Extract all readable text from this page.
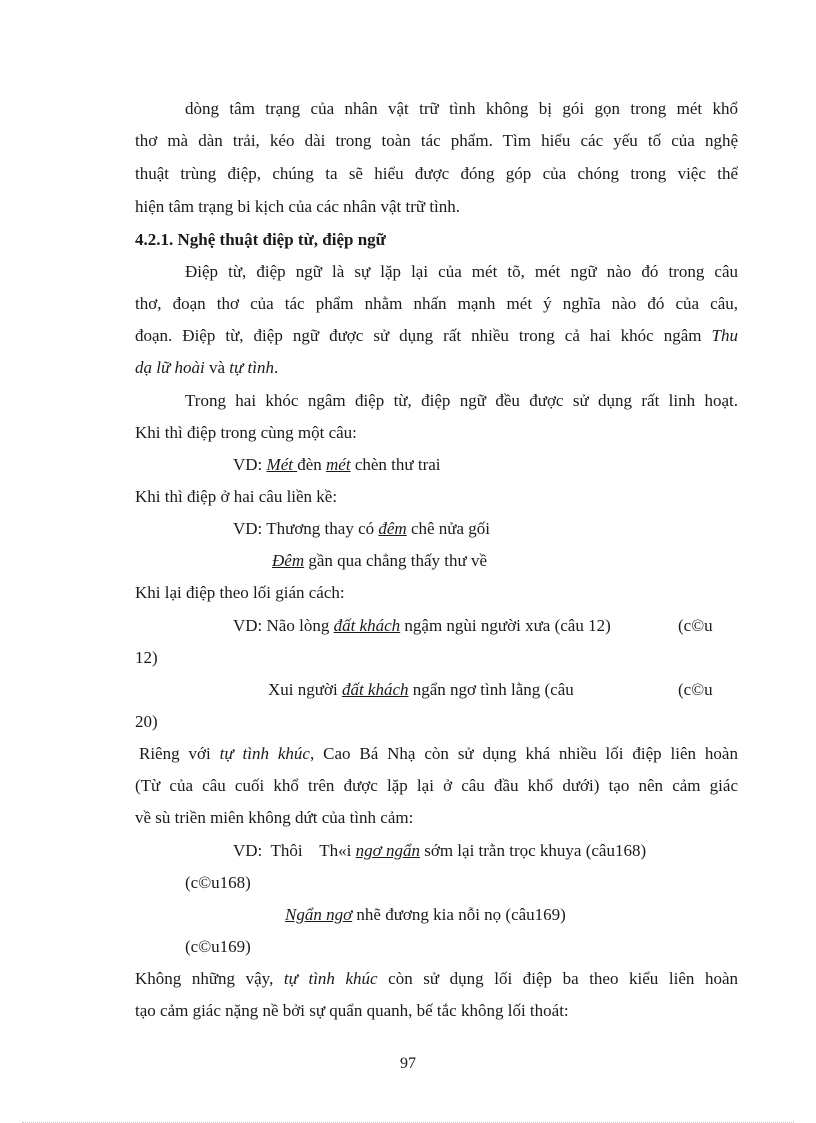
dòng tâm trạng của nhân vật trữ tình không bị gói gọn trong mét khổ
thơ mà dàn trải, kéo dài trong toàn tác phẩm. Tìm hiểu các yếu tố của nghệ
thuật trùng điệp, chúng ta sẽ hiểu được đóng góp của chóng trong việc thể
hiện tâm trạng bi kịch của các nhân vật trữ tình.
4.2.1. Nghệ thuật điệp từ, điệp ngữ
Điệp từ, điệp ngữ là sự lặp lại của mét tõ, mét ngữ nào đó trong câu
thơ, đoạn thơ của tác phẩm nhằm nhấn mạnh mét ý nghĩa nào đó của câu,
đoạn. Điệp từ, điệp ngữ được sử dụng rất nhiều trong cả hai khóc ngâm Thu
dạ lữ hoài và tự tình.
Trong hai khóc ngâm điệp từ, điệp ngữ đều được sử dụng rất linh hoạt.
Khi thì điệp trong cùng một câu:
VD: Mét đèn mét chèn thư trai
Khi thì điệp ở hai câu liền kề:
VD: Thương thay có đêm chê nửa gối
Đêm gần qua chẳng thấy thư về
Khi lại điệp theo lối gián cách:
VD: Não lòng đất khách ngậm ngùi người xưa (câu 12)	(c©u
12)
Xui người đất khách ngẩn ngơ tình lằng (câu	(c©u
20)
Riêng với tự tình khúc, Cao Bá Nhạ còn sử dụng khá nhiều lối điệp liên hoàn
(Từ của câu cuối khổ trên được lặp lại ở câu đầu khổ dưới) tạo nên cảm giác
về sù triền miên không dứt của tình cảm:
VD:  Thôi    Th«i ngơ ngẩn sớm lại trằn trọc khuya (câu168)
(c©u168)
Ngẩn ngơ nhẽ đương kia nỗi nọ (câu169)
(c©u169)
Không những vậy, tự tình khúc còn sử dụng lối điệp ba theo kiểu liên hoàn
tạo cảm giác nặng nề bởi sự quẩn quanh, bế tắc không lối thoát:
97
